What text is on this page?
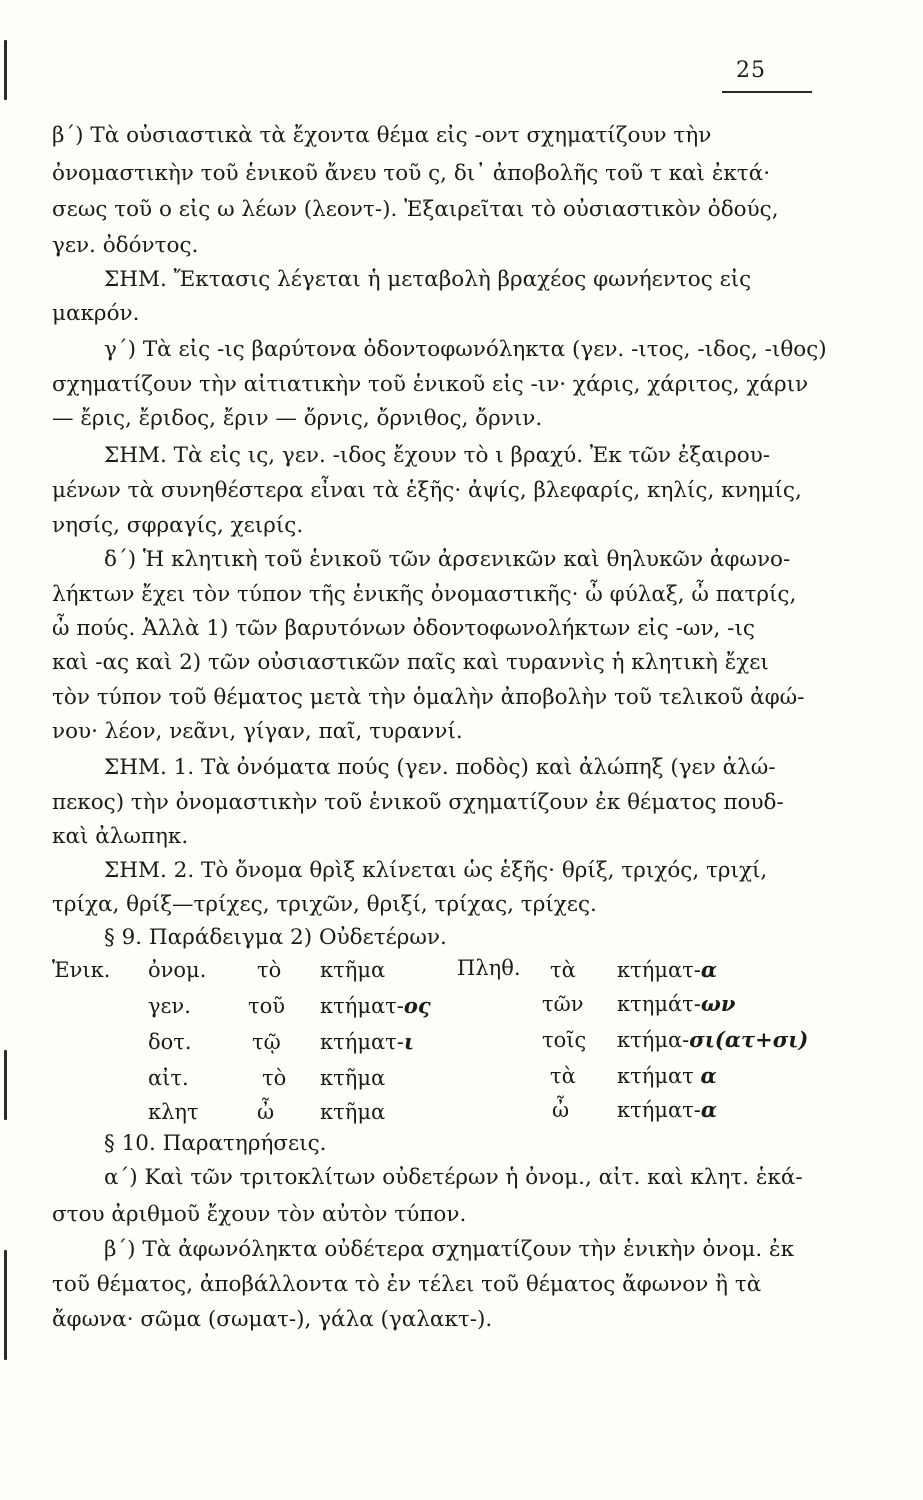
25
β΄) Τὰ οὐσιαστικὰ τὰ ἔχοντα θέμα εἰς -οντ σχηματίζουν τὴν
ὀνομαστικὴν τοῦ ἑνικοῦ ἄνευ τοῦ ς, δι᾽ ἀποβολῆς τοῦ τ καὶ ἐκτά·
σεως τοῦ ο εἰς ω λέων (λεοντ-). Ἐξαιρεῖται τὸ οὐσιαστικὸν ὀδούς,
γεν. ὀδόντος.
ΣΗΜ. Ἔκτασις λέγεται ἡ μεταβολὴ βραχέος φωνήεντος εἰς
μακρόν.
γ΄) Τὰ εἰς -ις βαρύτονα ὀδοντοφωνόληκτα (γεν. -ιτος, -ιδος, -ιθος)
σχηματίζουν τὴν αἰτιατικὴν τοῦ ἑνικοῦ εἰς -ιν· χάρις, χάριτος, χάριν
— ἔρις, ἔριδος, ἔριν — ὄρνις, ὄρνιθος, ὄρνιν.
ΣΗΜ. Τὰ εἰς ις, γεν. -ιδος ἔχουν τὸ ι βραχύ. Ἐκ τῶν ἐξαιρου-
μένων τὰ συνηθέστερα εἶναι τὰ ἑξῆς· ἀψίς, βλεφαρίς, κηλίς, κνημίς,
νησίς, σφραγίς, χειρίς.
δ΄) Ἡ κλητικὴ τοῦ ἑνικοῦ τῶν ἀρσενικῶν καὶ θηλυκῶν ἀφωνο-
λήκτων ἔχει τὸν τύπον τῆς ἑνικῆς ὀνομαστικῆς· ὦ φύλαξ, ὦ πατρίς,
ὦ πούς. Ἀλλὰ 1) τῶν βαρυτόνων ὀδοντοφωνολήκτων εἰς -ων, -ις
καὶ -ας καὶ 2) τῶν οὐσιαστικῶν παῖς καὶ τυραννὶς ἡ κλητικὴ ἔχει
τὸν τύπον τοῦ θέματος μετὰ τὴν ὁμαλὴν ἀποβολὴν τοῦ τελικοῦ ἀφώ-
νου· λέον, νεᾶνι, γίγαν, παῖ, τυραννί.
ΣΗΜ. 1. Τὰ ὀνόματα πούς (γεν. ποδὸς) καὶ ἀλώπηξ (γεν ἀλώ-
πεκος) τὴν ὀνομαστικὴν τοῦ ἑνικοῦ σχηματίζουν ἐκ θέματος πουδ-
καὶ ἀλωπηκ.
ΣΗΜ. 2. Τὸ ὄνομα θρὶξ κλίνεται ὡς ἑξῆς· θρίξ, τριχός, τριχί,
τρίχα, θρίξ—τρίχες, τριχῶν, θριξί, τρίχας, τρίχες.
§ 9. Παράδειγμα 2) Οὐδετέρων.
Ἑνικ.	Πληθ.
ὀνομ. τὸ κτῆμα	τὰ κτήματ-α
γεν.	τοῦ κτήματ-ος	τῶν κτημάτ-ων
δοτ.	τῷ κτήματ-ι	τοῖς κτήμα-σι(ατ+σι)
αἰτ.	τὸ κτῆμα	τὰ κτήματ α
κλητ	ὦ κτῆμα	ὦ κτήματ-α
§ 10. Παρατηρήσεις.
α΄) Καὶ τῶν τριτοκλίτων οὐδετέρων ἡ ὀνομ., αἰτ. καὶ κλητ. ἑκά-
στου ἀριθμοῦ ἔχουν τὸν αὐτὸν τύπον.
β΄) Τὰ ἀφωνόληκτα οὐδέτερα σχηματίζουν τὴν ἑνικὴν ὀνομ. ἐκ
τοῦ θέματος, ἀποβάλλοντα τὸ ἐν τέλει τοῦ θέματος ἄφωνον ἢ τὰ
ἄφωνα· σῶμα (σωματ-), γάλα (γαλακτ-).
